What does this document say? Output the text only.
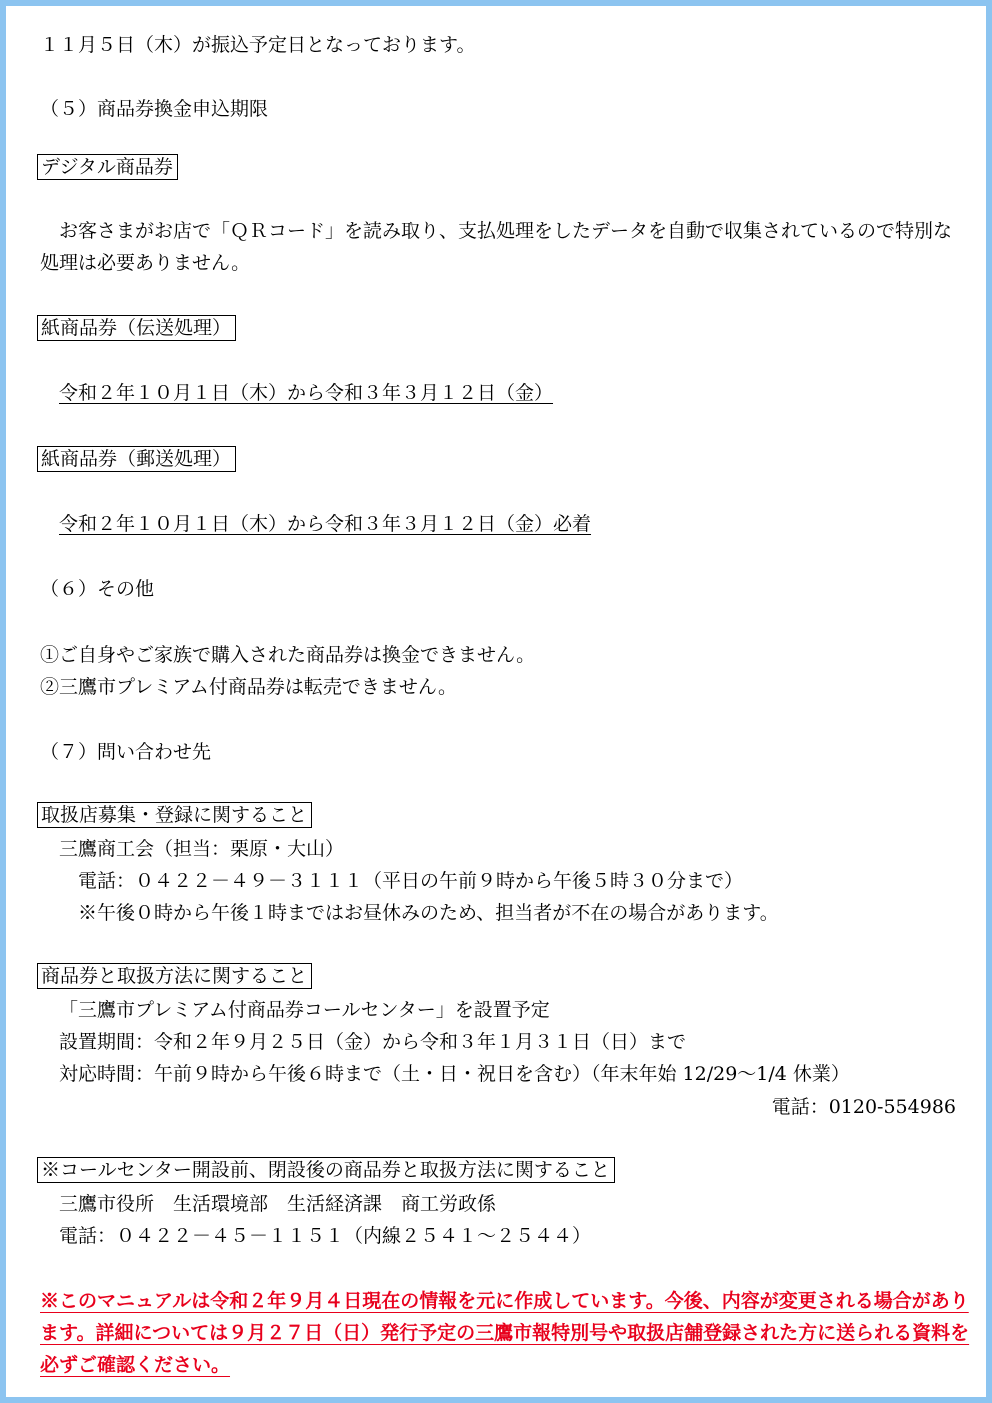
１１月５日（木）が振込予定日となっております。

（５）商品券換金申込期限

デジタル商品券

お客さまがお店で「ＱＲコード」を読み取り、支払処理をしたデータを自動で収集されているので特別な処理は必要ありません。

紙商品券（伝送処理）

令和２年１０月１日（木）から令和３年３月１２日（金）

紙商品券（郵送処理）

令和２年１０月１日（木）から令和３年３月１２日（金）必着

（６）その他

①ご自身やご家族で購入された商品券は換金できません。

②三鷹市プレミアム付商品券は転売できません。

（７）問い合わせ先

取扱店募集・登録に関すること

三鷹商工会（担当：栗原・大山）

電話：０４２２－４９－３１１１（平日の午前９時から午後５時３０分まで）

※午後０時から午後１時まではお昼休みのため、担当者が不在の場合があります。

商品券と取扱方法に関すること

「三鷹市プレミアム付商品券コールセンター」を設置予定

設置期間：令和２年９月２５日（金）から令和３年１月３１日（日）まで

対応時間：午前９時から午後６時まで（土・日・祝日を含む）（年末年始 12/29～1/4 休業）

電話：0120-554986

※コールセンター開設前、閉設後の商品券と取扱方法に関すること

三鷹市役所　生活環境部　生活経済課　商工労政係

電話：０４２２－４５－１１５１（内線２５４１～２５４４）

※このマニュアルは令和２年９月４日現在の情報を元に作成しています。今後、内容が変更される場合があります。詳細については９月２７日（日）発行予定の三鷹市報特別号や取扱店舗登録された方に送られる資料を必ずご確認ください。
